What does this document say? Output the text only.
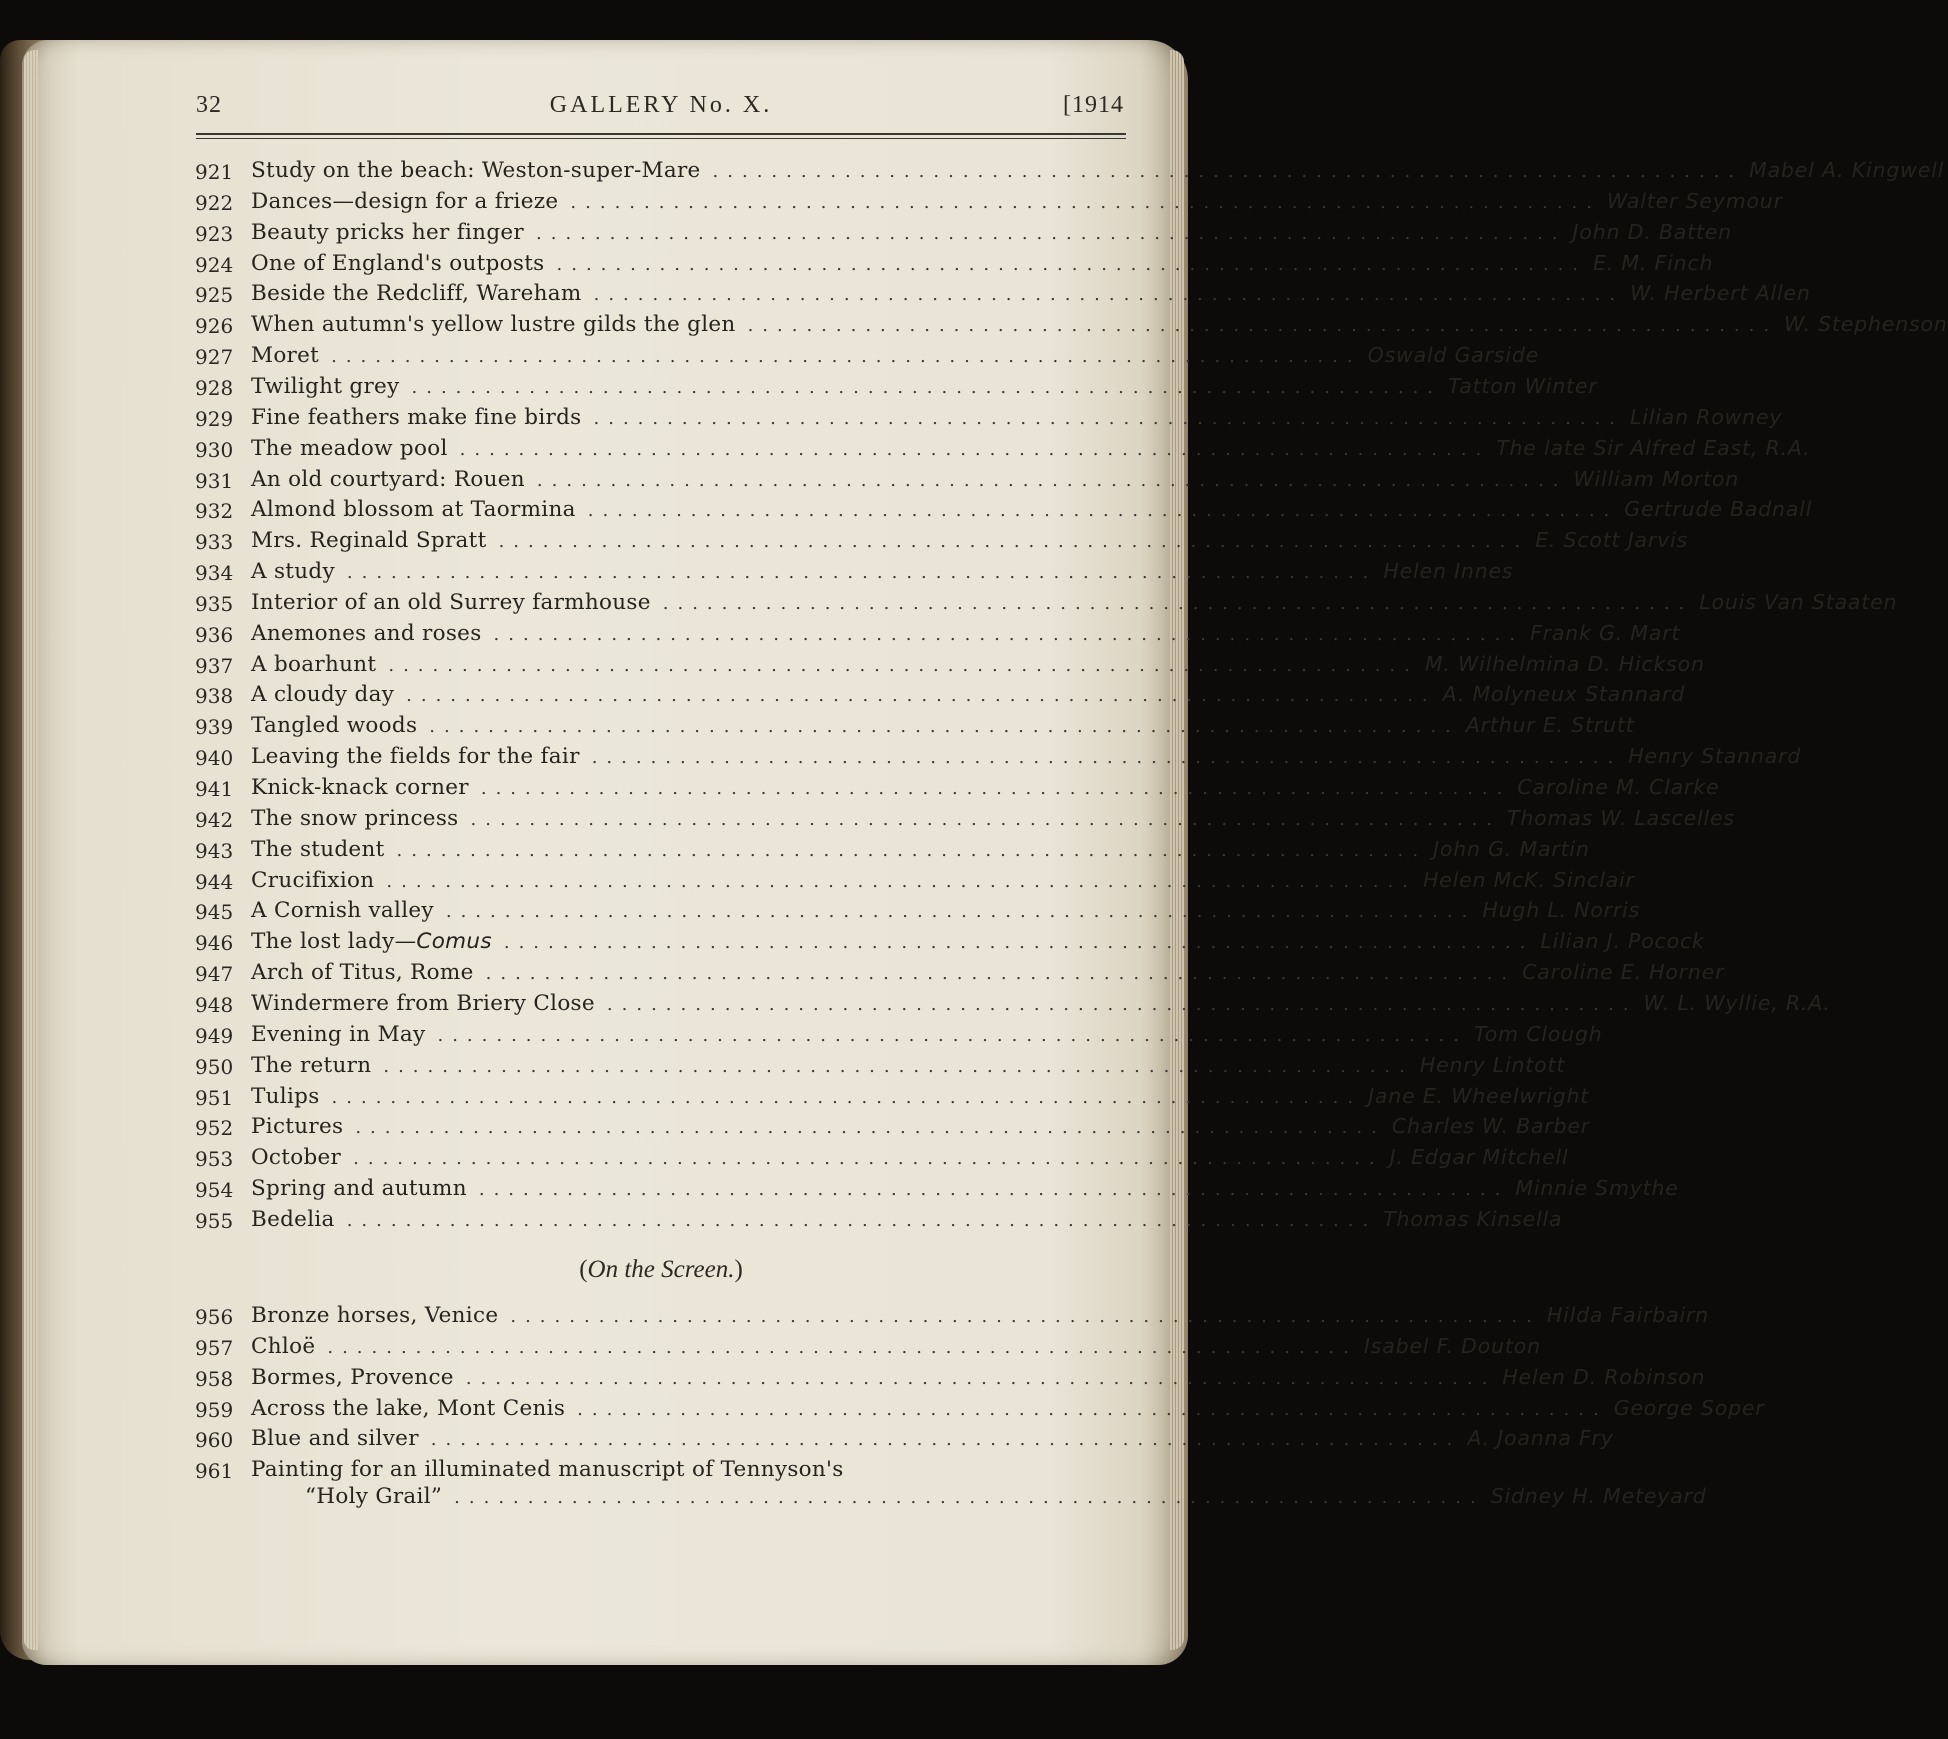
32	GALLERY No. X.	[1914
921 Study on the beach: Weston-super-Mare ...................................................................... Mabel A. Kingwell
922 Dances—design for a frieze ...................................................................... Walter Seymour
923 Beauty pricks her finger ...................................................................... John D. Batten
924 One of England's outposts ...................................................................... E. M. Finch
925 Beside the Redcliff, Wareham ...................................................................... W. Herbert Allen
926 When autumn's yellow lustre gilds the glen ...................................................................... W. Stephenson
927 Moret ...................................................................... Oswald Garside
928 Twilight grey ...................................................................... Tatton Winter
929 Fine feathers make fine birds ...................................................................... Lilian Rowney
930 The meadow pool ...................................................................... The late Sir Alfred East, R.A.
931 An old courtyard: Rouen ...................................................................... William Morton
932 Almond blossom at Taormina ...................................................................... Gertrude Badnall
933 Mrs. Reginald Spratt ...................................................................... E. Scott Jarvis
934 A study ...................................................................... Helen Innes
935 Interior of an old Surrey farmhouse ...................................................................... Louis Van Staaten
936 Anemones and roses ...................................................................... Frank G. Mart
937 A boarhunt ...................................................................... M. Wilhelmina D. Hickson
938 A cloudy day ...................................................................... A. Molyneux Stannard
939 Tangled woods ...................................................................... Arthur E. Strutt
940 Leaving the fields for the fair ...................................................................... Henry Stannard
941 Knick-knack corner ...................................................................... Caroline M. Clarke
942 The snow princess ...................................................................... Thomas W. Lascelles
943 The student ...................................................................... John G. Martin
944 Crucifixion ...................................................................... Helen McK. Sinclair
945 A Cornish valley ...................................................................... Hugh L. Norris
946 The lost lady—Comus ...................................................................... Lilian J. Pocock
947 Arch of Titus, Rome ...................................................................... Caroline E. Horner
948 Windermere from Briery Close ...................................................................... W. L. Wyllie, R.A.
949 Evening in May ...................................................................... Tom Clough
950 The return ...................................................................... Henry Lintott
951 Tulips ...................................................................... Jane E. Wheelwright
952 Pictures ...................................................................... Charles W. Barber
953 October ...................................................................... J. Edgar Mitchell
954 Spring and autumn ...................................................................... Minnie Smythe
955 Bedelia ...................................................................... Thomas Kinsella
956 Bronze horses, Venice ...................................................................... Hilda Fairbairn
957 Chloë ...................................................................... Isabel F. Douton
958 Bormes, Provence ...................................................................... Helen D. Robinson
959 Across the lake, Mont Cenis ...................................................................... George Soper
960 Blue and silver ...................................................................... A. Joanna Fry
961 Painting for an illuminated manuscript of Tennyson's
“Holy Grail” ...................................................................... Sidney H. Meteyard
(On the Screen.)
